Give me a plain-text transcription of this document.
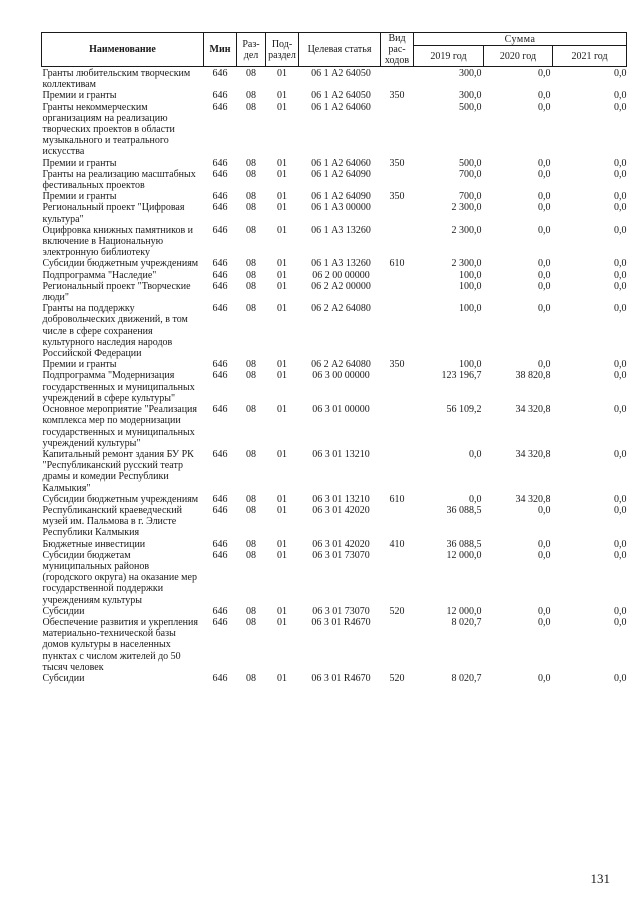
Наименование	Мин	Раз- дел	Под- раздел	Целевая статья	Вид рас- ходов	Сумма		
						2019 год	2020 год	2021 год
Гранты любительским творческим коллективам	646	08	01	06 1 А2 64050		300,0	0,0	0,0
Премии и гранты	646	08	01	06 1 А2 64050	350	300,0	0,0	0,0
Гранты некоммерческим организациям на реализацию творческих проектов в области музыкального и театрального искусства	646	08	01	06 1 А2 64060		500,0	0,0	0,0
Премии и гранты	646	08	01	06 1 А2 64060	350	500,0	0,0	0,0
Гранты на реализацию масштабных фестивальных проектов	646	08	01	06 1 А2 64090		700,0	0,0	0,0
Премии и гранты	646	08	01	06 1 А2 64090	350	700,0	0,0	0,0
Региональный проект "Цифровая культура"	646	08	01	06 1 А3 00000		2 300,0	0,0	0,0
Оцифровка книжных памятников и включение в Национальную электронную библиотеку	646	08	01	06 1 А3 13260		2 300,0	0,0	0,0
Субсидии бюджетным учреждениям	646	08	01	06 1 А3 13260	610	2 300,0	0,0	0,0
Подпрограмма "Наследие"	646	08	01	06 2 00 00000		100,0	0,0	0,0
Региональный проект "Творческие люди"	646	08	01	06 2 А2 00000		100,0	0,0	0,0
Гранты на поддержку добровольческих движений, в том числе в сфере сохранения культурного наследия народов Российской Федерации	646	08	01	06 2 А2 64080		100,0	0,0	0,0
Премии и гранты	646	08	01	06 2 А2 64080	350	100,0	0,0	0,0
Подпрограмма "Модернизация государственных и муниципальных учреждений в сфере культуры"	646	08	01	06 3 00 00000		123 196,7	38 820,8	0,0
Основное мероприятие "Реализация комплекса мер по модернизации государственных и муниципальных учреждений культуры"	646	08	01	06 3 01 00000		56 109,2	34 320,8	0,0
Капитальный ремонт здания БУ РК "Республиканский русский театр драмы и комедии Республики Калмыкия"	646	08	01	06 3 01 13210		0,0	34 320,8	0,0
Субсидии бюджетным учреждениям	646	08	01	06 3 01 13210	610	0,0	34 320,8	0,0
Республиканский краеведческий музей им. Пальмова в г. Элисте Республики Калмыкия	646	08	01	06 3 01 42020		36 088,5	0,0	0,0
Бюджетные инвестиции	646	08	01	06 3 01 42020	410	36 088,5	0,0	0,0
Субсидии бюджетам муниципальных районов (городского округа) на оказание мер государственной поддержки учреждениям культуры	646	08	01	06 3 01 73070		12 000,0	0,0	0,0
Субсидии	646	08	01	06 3 01 73070	520	12 000,0	0,0	0,0
Обеспечение развития и укрепления материально-технической базы домов культуры в населенных пунктах с числом жителей до 50 тысяч человек	646	08	01	06 3 01 R4670		8 020,7	0,0	0,0
Субсидии	646	08	01	06 3 01 R4670	520	8 020,7	0,0	0,0
131
